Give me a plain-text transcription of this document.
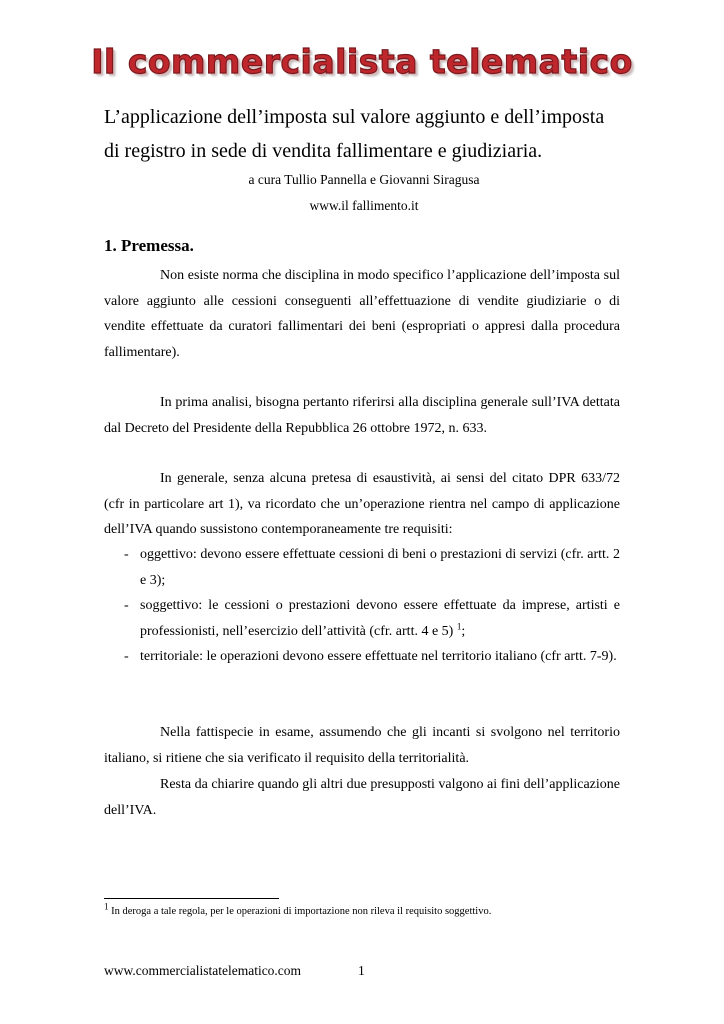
Il commercialista telematico
L’applicazione dell’imposta sul valore aggiunto e dell’imposta di registro in sede di vendita fallimentare e giudiziaria.
a cura Tullio Pannella e Giovanni Siragusa
www.il fallimento.it
1. Premessa.

Non esiste norma che disciplina in modo specifico l’applicazione dell’imposta sul valore aggiunto alle cessioni conseguenti all’effettuazione di vendite giudiziarie o di vendite effettuate da curatori fallimentari dei beni (espropriati o appresi dalla procedura fallimentare).

In prima analisi, bisogna pertanto riferirsi alla disciplina generale sull’IVA dettata dal Decreto del Presidente della Repubblica 26 ottobre 1972, n. 633.

In generale, senza alcuna pretesa di esaustività, ai sensi del citato DPR 633/72 (cfr in particolare art 1), va ricordato che un’operazione rientra nel campo di applicazione dell’IVA quando sussistono contemporaneamente tre requisiti:

- oggettivo: devono essere effettuate cessioni di beni o prestazioni di servizi (cfr. artt. 2 e 3);
- soggettivo: le cessioni o prestazioni devono essere effettuate da imprese, artisti e professionisti, nell’esercizio dell’attività (cfr. artt. 4 e 5) $^1$;
- territoriale: le operazioni devono essere effettuate nel territorio italiano (cfr artt. 7-9).

Nella fattispecie in esame, assumendo che gli incanti si svolgono nel territorio italiano, si ritiene che sia verificato il requisito della territorialità.

Resta da chiarire quando gli altri due presupposti valgono ai fini dell’applicazione dell’IVA.

$^1$ In deroga a tale regola, per le operazioni di importazione non rileva il requisito soggettivo.
www.commercialistatelematico.com	1
